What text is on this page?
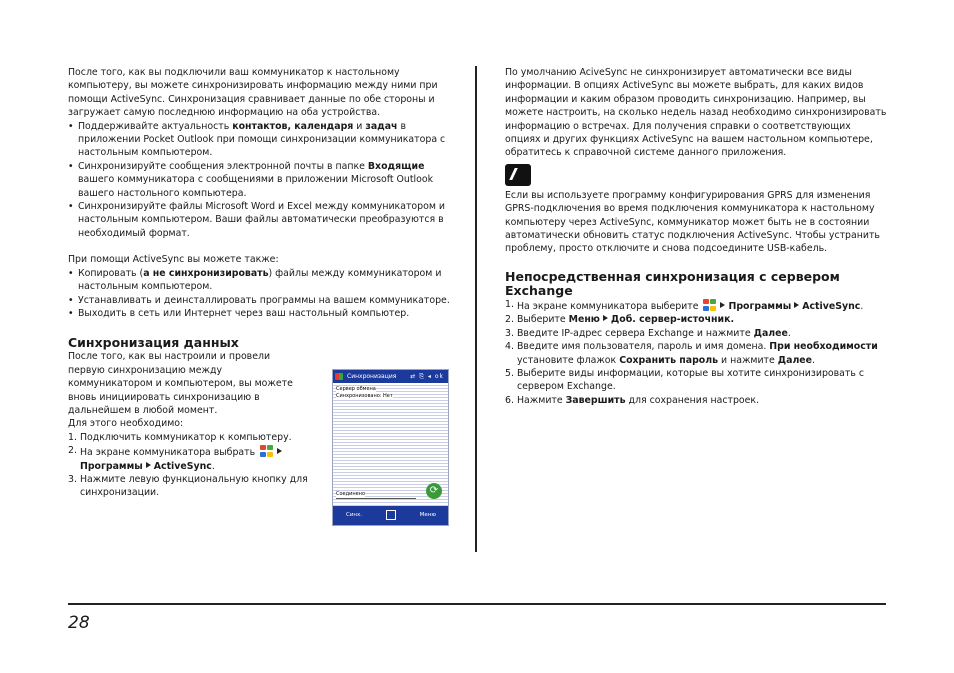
После того, как вы подключили ваш коммуникатор к настольному компьютеру, вы можете синхронизировать информацию между ними при помощи ActiveSync. Синхронизация сравнивает данные по обе стороны и загружает самую последнюю информацию на оба устройства.

• Поддерживайте актуальность контактов, календаря и задач в приложении Pocket Outlook при помощи синхронизации коммуникатора с настольным компьютером.
• Синхронизируйте сообщения электронной почты в папке Входящие вашего коммуникатора с сообщениями в приложении Microsoft Outlook вашего настольного компьютера.
• Синхронизируйте файлы Microsoft Word и Excel между коммуникатором и настольным компьютером. Ваши файлы автоматически преобразуются в необходимый формат.

При помощи ActiveSync вы можете также:

• Копировать (а не синхронизировать) файлы между коммуникатором и настольным компьютером.
• Устанавливать и деинсталлировать программы на вашем коммуникаторе.
• Выходить в сеть или Интернет через ваш настольный компьютер.
Синхронизация данных

После того, как вы настроили и провели первую синхронизацию между коммуникатором и компьютером, вы можете вновь инициировать синхронизацию в дальнейшем в любой момент.

Для этого необходимо:

1. Подключить коммуникатор к компьютеру.
2. На экране коммуникатора выбрать

Программы ActiveSync.
3. Нажмите левую функциональную кнопку для синхронизации.
Синхронизация ⇄ ⎘ ◂ ok
Сервер обмена
Синхронизовано: Нет
⟳
Соединено
Синх.	Меню

По умолчанию AciveSync не синхронизирует автоматически все виды информации. В опциях ActiveSync вы можете выбрать, для каких видов информации и каким образом проводить синхронизацию. Например, вы можете настроить, на сколько недель назад необходимо синхронизировать информацию о встречах. Для получения справки о соответствующих опциях и других функциях ActiveSync на вашем настольном компьютере, обратитесь к справочной системе данного приложения.

Если вы используете программу конфигурирования GPRS для изменения GPRS-подключения во время подключения коммуникатора к настольному компьютеру через ActiveSync, коммуникатор может быть не в состоянии автоматически обновить статус подключения ActiveSync. Чтобы устранить проблему, просто отключите и снова подсоедините USB-кабель.

Непосредственная синхронизация с сервером Exchange
1. На экране коммуникатора выберите	Программы ActiveSync.
2. Выберите Меню Доб. сервер-источник.
3. Введите IP-адрес сервера Exchange и нажмите Далее.
4. Введите имя пользователя, пароль и имя домена. При необходимости установите флажок Сохранить пароль и нажмите Далее.
5. Выберите виды информации, которые вы хотите синхронизировать с сервером Exchange.
6. Нажмите Завершить для сохранения настроек.
28
